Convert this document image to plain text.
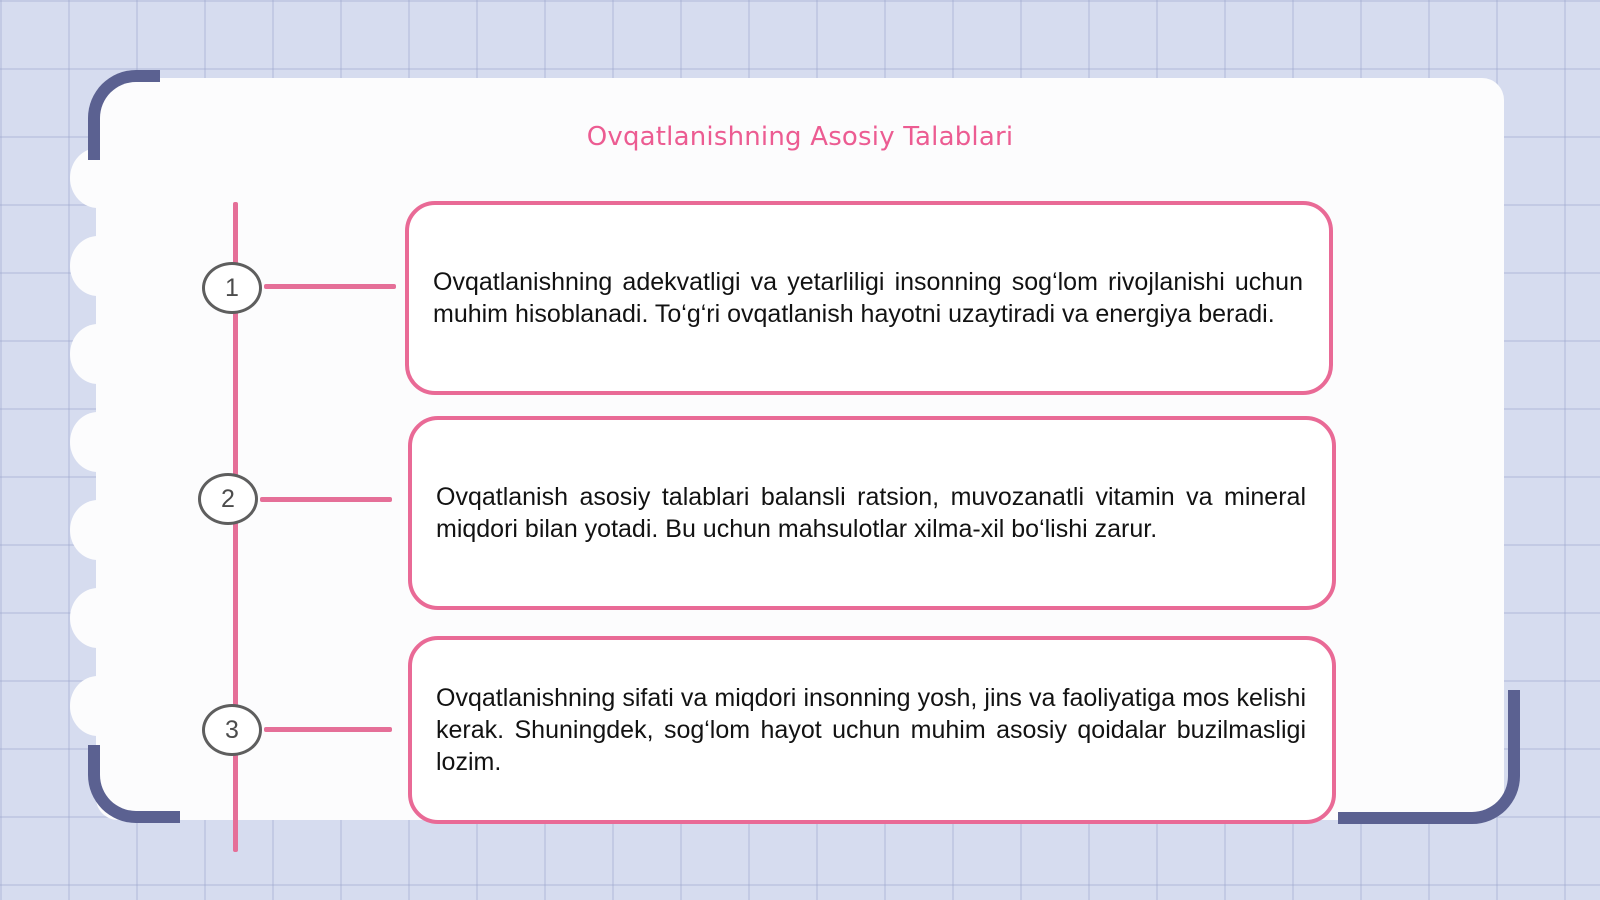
Ovqatlanishning Asosiy Talablari
1	Ovqatlanishning adekvatligi va yetarliligi insonning sog‘lom rivojlanishi uchun muhim hisoblanadi. To‘g‘ri ovqatlanish hayotni uzaytiradi va energiya beradi.

2	Ovqatlanish asosiy talablari balansli ratsion, muvozanatli vitamin va mineral miqdori bilan yotadi. Bu uchun mahsulotlar xilma-xil bo‘lishi zarur.

3

Ovqatlanishning sifati va miqdori insonning yosh, jins va faoliyatiga mos kelishi kerak. Shuningdek, sog‘lom hayot uchun muhim asosiy qoidalar buzilmasligi lozim.
